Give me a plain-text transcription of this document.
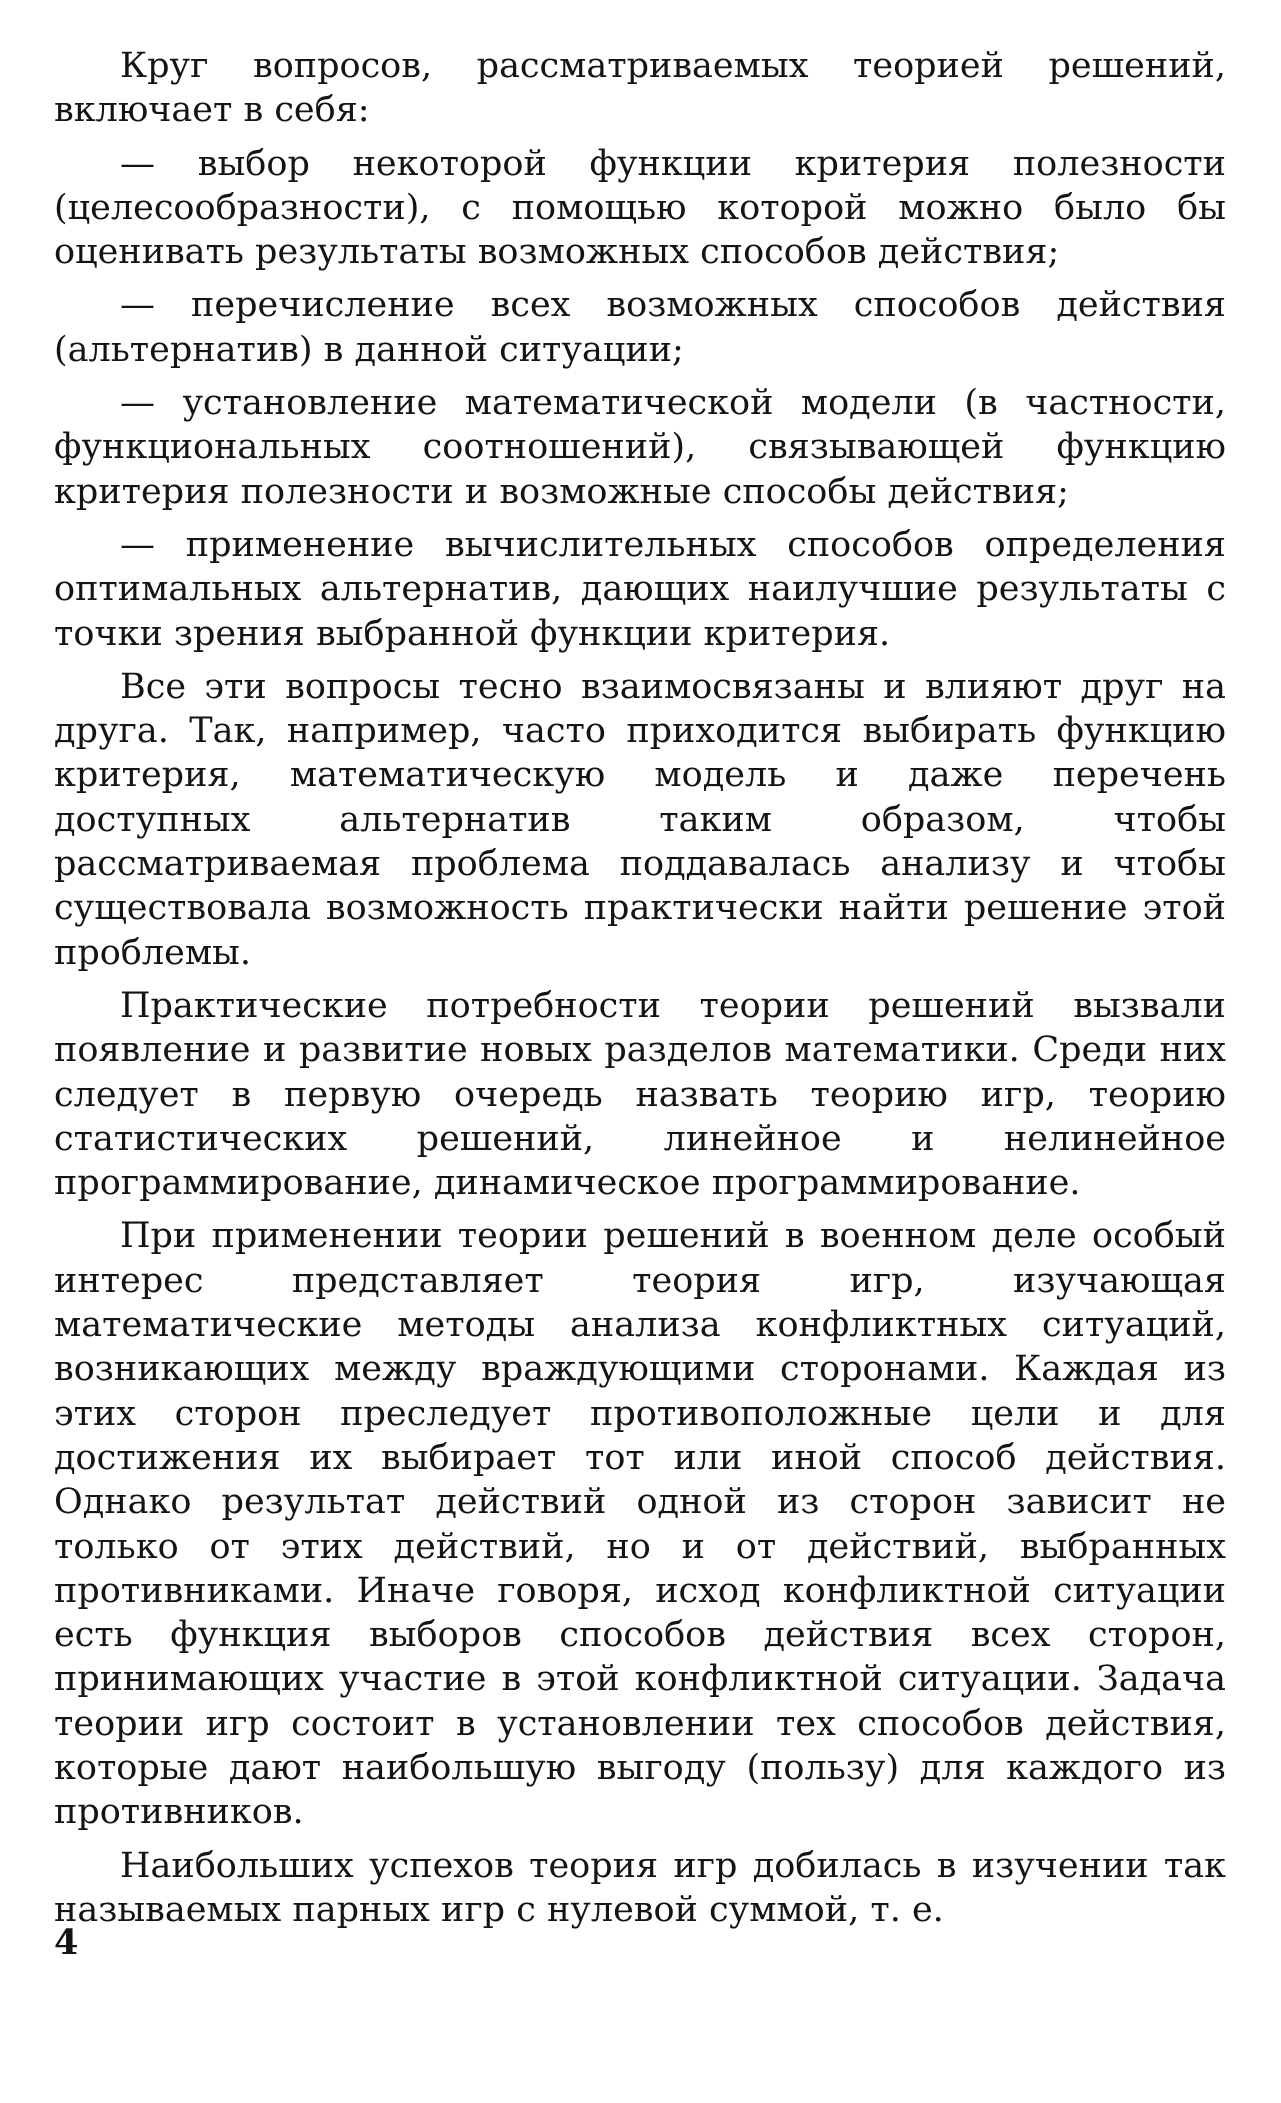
Круг вопросов, рассматриваемых теорией решений, включает в себя:

— выбор некоторой функции критерия полезности (целесообразности), с помощью которой можно было бы оценивать результаты возможных способов действия;

— перечисление всех возможных способов действия (альтернатив) в данной ситуации;

— установление математической модели (в частности, функциональных соотношений), связывающей функцию критерия полезности и возможные способы действия;

— применение вычислительных способов определения оптимальных альтернатив, дающих наилучшие результаты с точки зрения выбранной функции критерия.

Все эти вопросы тесно взаимосвязаны и влияют друг на друга. Так, например, часто приходится выбирать функцию критерия, математическую модель и даже перечень доступных альтернатив таким образом, чтобы рассматриваемая проблема поддавалась анализу и чтобы существовала возможность практически найти решение этой проблемы.

Практические потребности теории решений вызвали появление и развитие новых разделов математики. Среди них следует в первую очередь назвать теорию игр, теорию статистических решений, линейное и нелинейное программирование, динамическое программирование.

При применении теории решений в военном деле особый интерес представляет теория игр, изучающая математические методы анализа конфликтных ситуаций, возникающих между враждующими сторонами. Каждая из этих сторон преследует противоположные цели и для достижения их выбирает тот или иной способ действия. Однако результат действий одной из сторон зависит не только от этих действий, но и от действий, выбранных противниками. Иначе говоря, исход конфликтной ситуации есть функция выборов способов действия всех сторон, принимающих участие в этой конфликтной ситуации. Задача теории игр состоит в установлении тех способов действия, которые дают наибольшую выгоду (пользу) для каждого из противников.

Наибольших успехов теория игр добилась в изучении так называемых парных игр с нулевой суммой, т. е.

4
